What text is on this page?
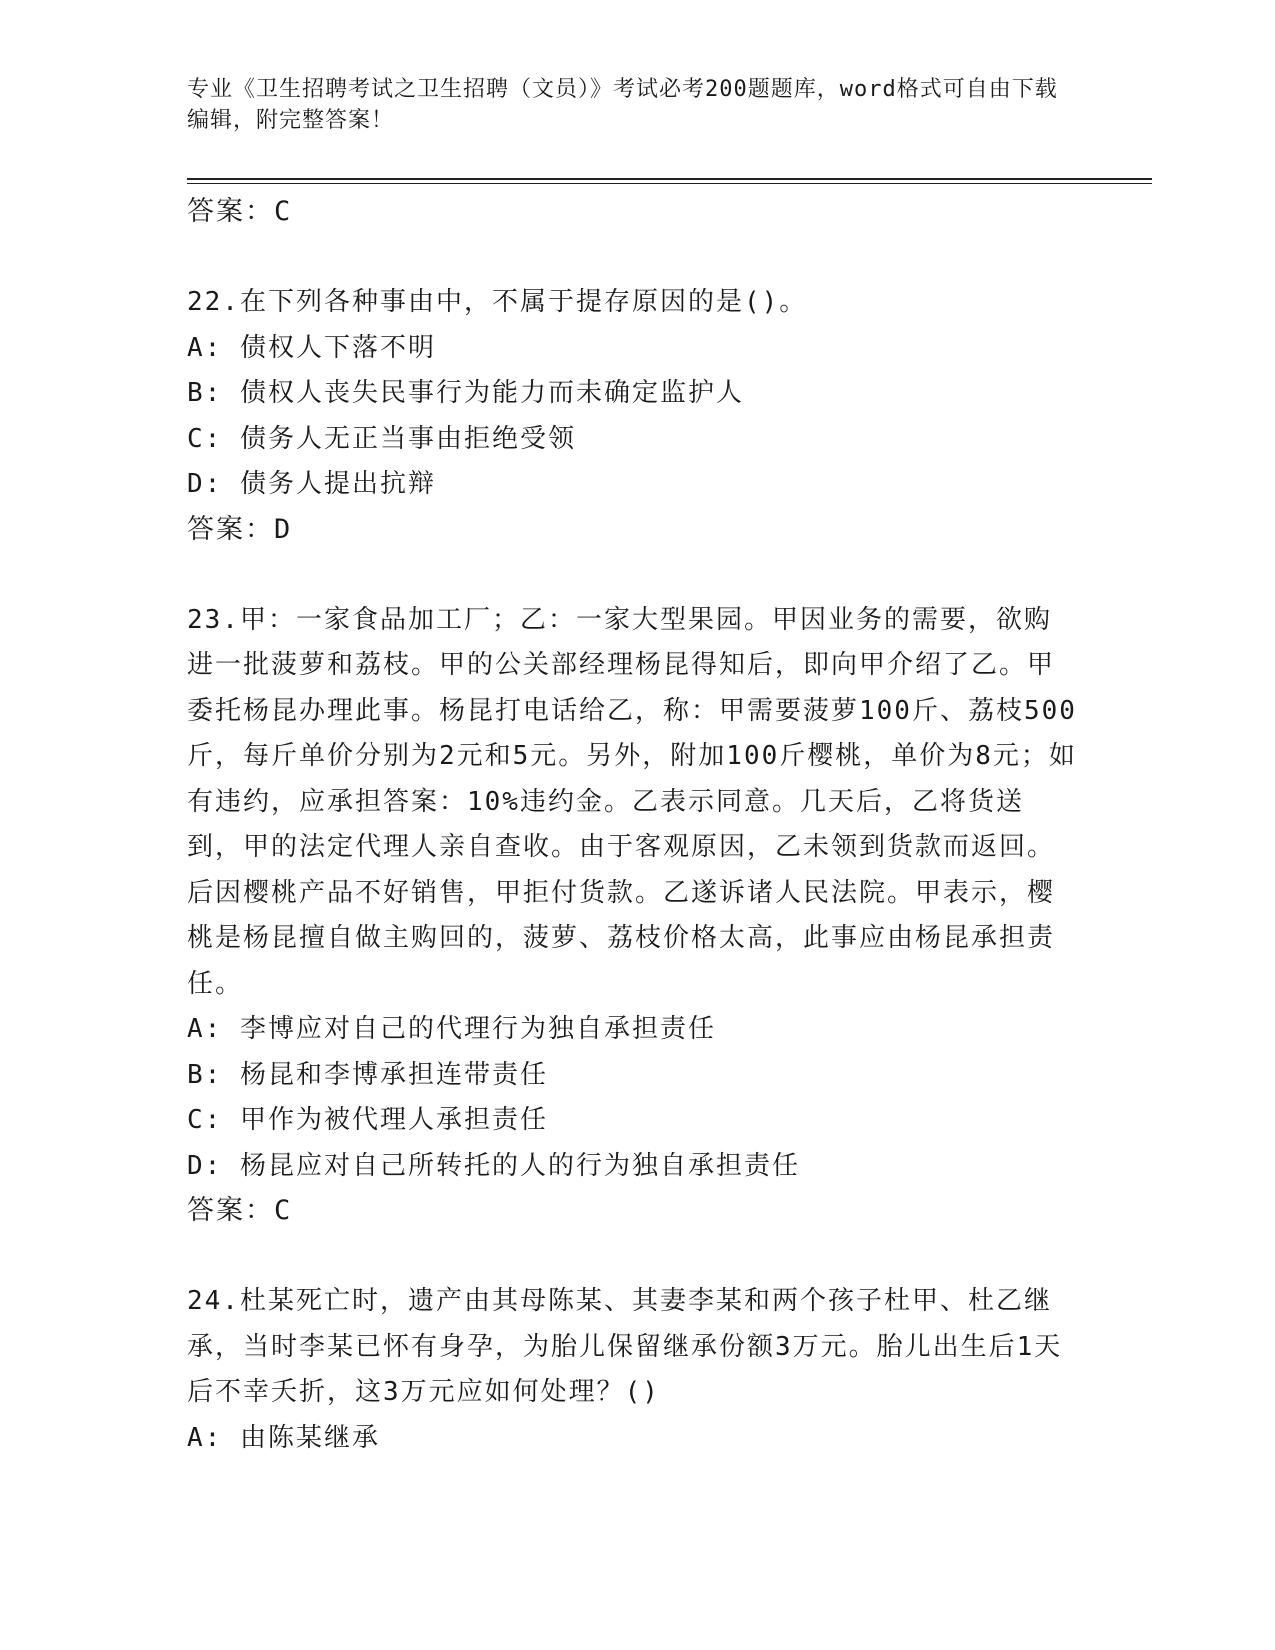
专业《卫生招聘考试之卫生招聘（文员）》考试必考200题题库，word格式可自由下载编辑，附完整答案！

答案：C

22.在下列各种事由中，不属于提存原因的是()。

A: 债权人下落不明

B: 债权人丧失民事行为能力而未确定监护人

C: 债务人无正当事由拒绝受领

D: 债务人提出抗辩

答案：D

23.甲：一家食品加工厂；乙：一家大型果园。甲因业务的需要，欲购进一批菠萝和荔枝。甲的公关部经理杨昆得知后，即向甲介绍了乙。甲委托杨昆办理此事。杨昆打电话给乙，称：甲需要菠萝100斤、荔枝500斤，每斤单价分别为2元和5元。另外，附加100斤樱桃，单价为8元；如有违约，应承担答案：10%违约金。乙表示同意。几天后，乙将货送到，甲的法定代理人亲自查收。由于客观原因，乙未领到货款而返回。后因樱桃产品不好销售，甲拒付货款。乙遂诉诸人民法院。甲表示，樱桃是杨昆擅自做主购回的，菠萝、荔枝价格太高，此事应由杨昆承担责任。

A: 李博应对自己的代理行为独自承担责任

B: 杨昆和李博承担连带责任

C: 甲作为被代理人承担责任

D: 杨昆应对自己所转托的人的行为独自承担责任

答案：C

24.杜某死亡时，遗产由其母陈某、其妻李某和两个孩子杜甲、杜乙继承，当时李某已怀有身孕，为胎儿保留继承份额3万元。胎儿出生后1天后不幸夭折，这3万元应如何处理？()

A: 由陈某继承
